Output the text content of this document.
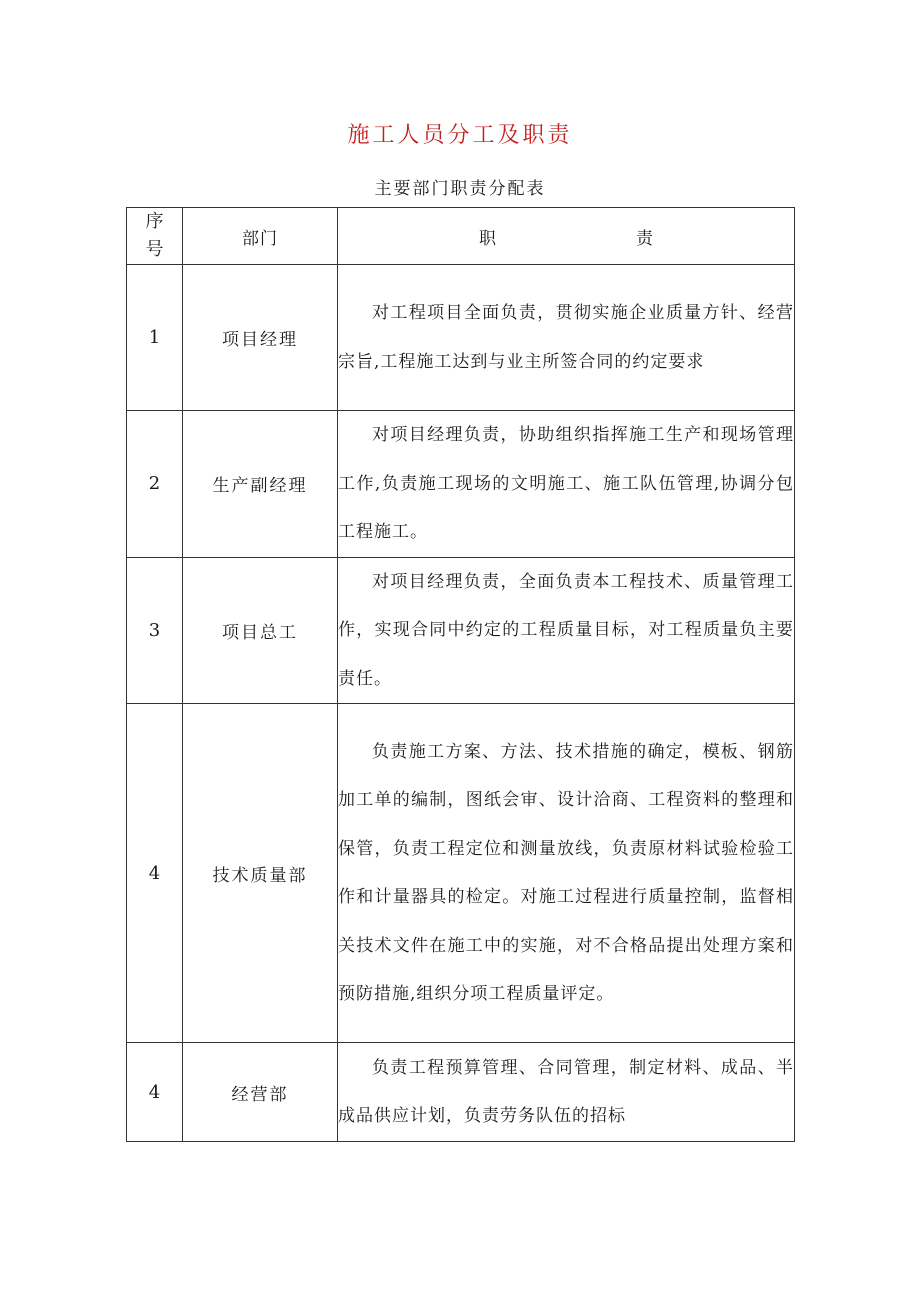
施工人员分工及职责
主要部门职责分配表
序
号	部门	职 责

1	项目经理	对工程项目全面负责，贯彻实施企业质量方针、经营宗旨,工程施工达到与业主所签合同的约定要求
2	生产副经理	对项目经理负责，协助组织指挥施工生产和现场管理工作,负责施工现场的文明施工、施工队伍管理,协调分包工程施工。
3	项目总工	对项目经理负责，全面负责本工程技术、质量管理工作，实现合同中约定的工程质量目标，对工程质量负主要责任。
4	技术质量部	负责施工方案、方法、技术措施的确定，模板、钢筋加工单的编制，图纸会审、设计洽商、工程资料的整理和保管，负责工程定位和测量放线，负责原材料试验检验工作和计量器具的检定。对施工过程进行质量控制，监督相关技术文件在施工中的实施，对不合格品提出处理方案和预防措施,组织分项工程质量评定。
4	经营部	负责工程预算管理、合同管理，制定材料、成品、半成品供应计划，负责劳务队伍的招标
